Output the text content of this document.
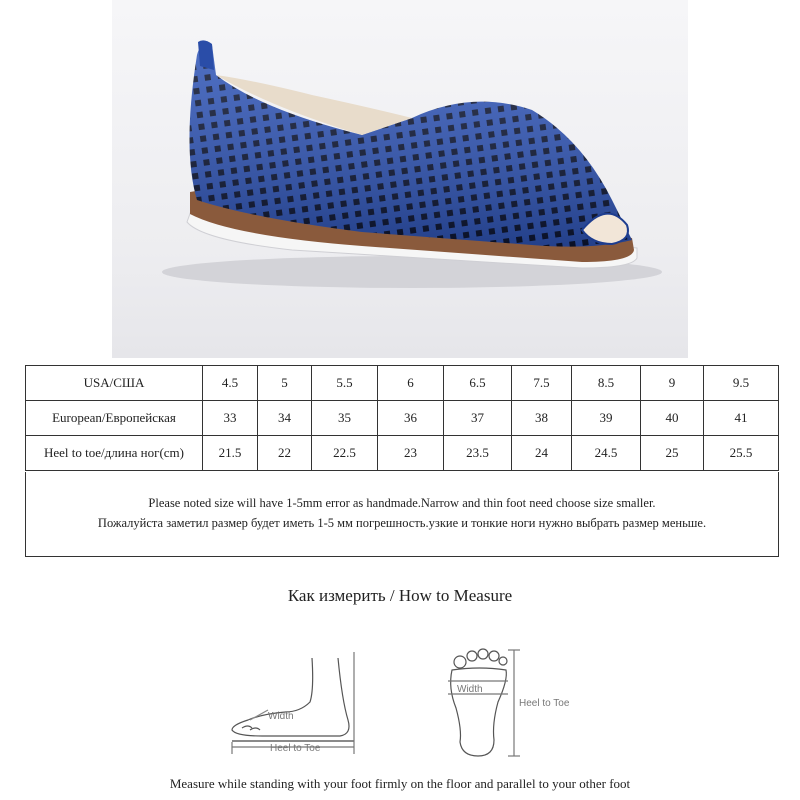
USA/США	4.5	5	5.5	6	6.5	7.5	8.5	9	9.5
European/Европейская	33	34	35	36	37	38	39	40	41
Heel to toe/длина ног(cm)	21.5	22	22.5	23	23.5	24	24.5	25	25.5

Please noted size will have 1-5mm error as handmade.Narrow and thin foot need choose size smaller.

Пожалуйста заметил размер будет иметь 1-5 мм погрешность.узкие и тонкие ноги нужно выбрать размер меньше.

Как измерить / How to Measure
Width
Heel to Toe
Width
Heel to Toe
Measure while standing with your foot firmly on the floor and parallel to your other foot
